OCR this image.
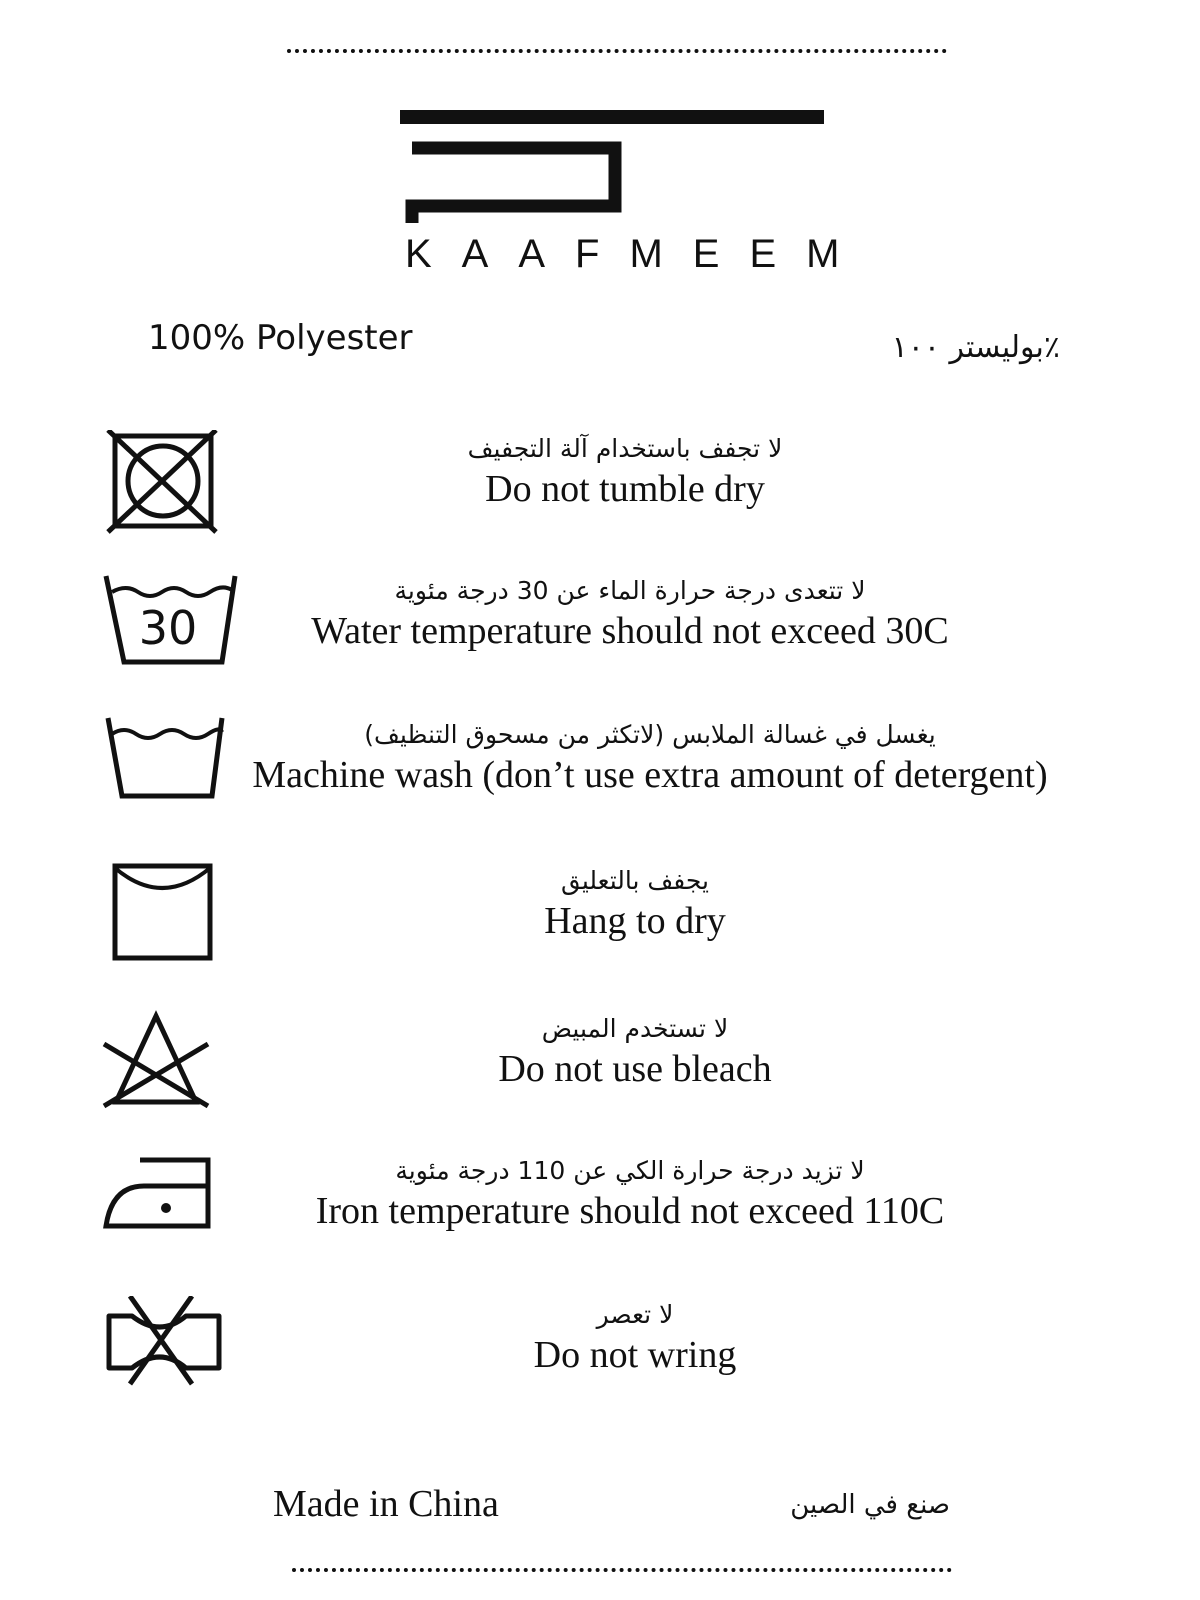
KAAFMEEM
100% Polyester	٪بوليستر ١٠٠
لا تجفف باستخدام آلة التجفيف
Do not tumble dry
30
لا تتعدى درجة حرارة الماء عن 30 درجة مئوية
Water temperature should not exceed 30C
يغسل في غسالة الملابس (لاتكثر من مسحوق التنظيف)
Machine wash (don’t use extra amount of detergent)
يجفف بالتعليق
Hang to dry
لا تستخدم المبيض
Do not use bleach
لا تزيد درجة حرارة الكي عن 110 درجة مئوية
Iron temperature should not exceed 110C
لا تعصر
Do not wring
Made in China	صنع في الصين
